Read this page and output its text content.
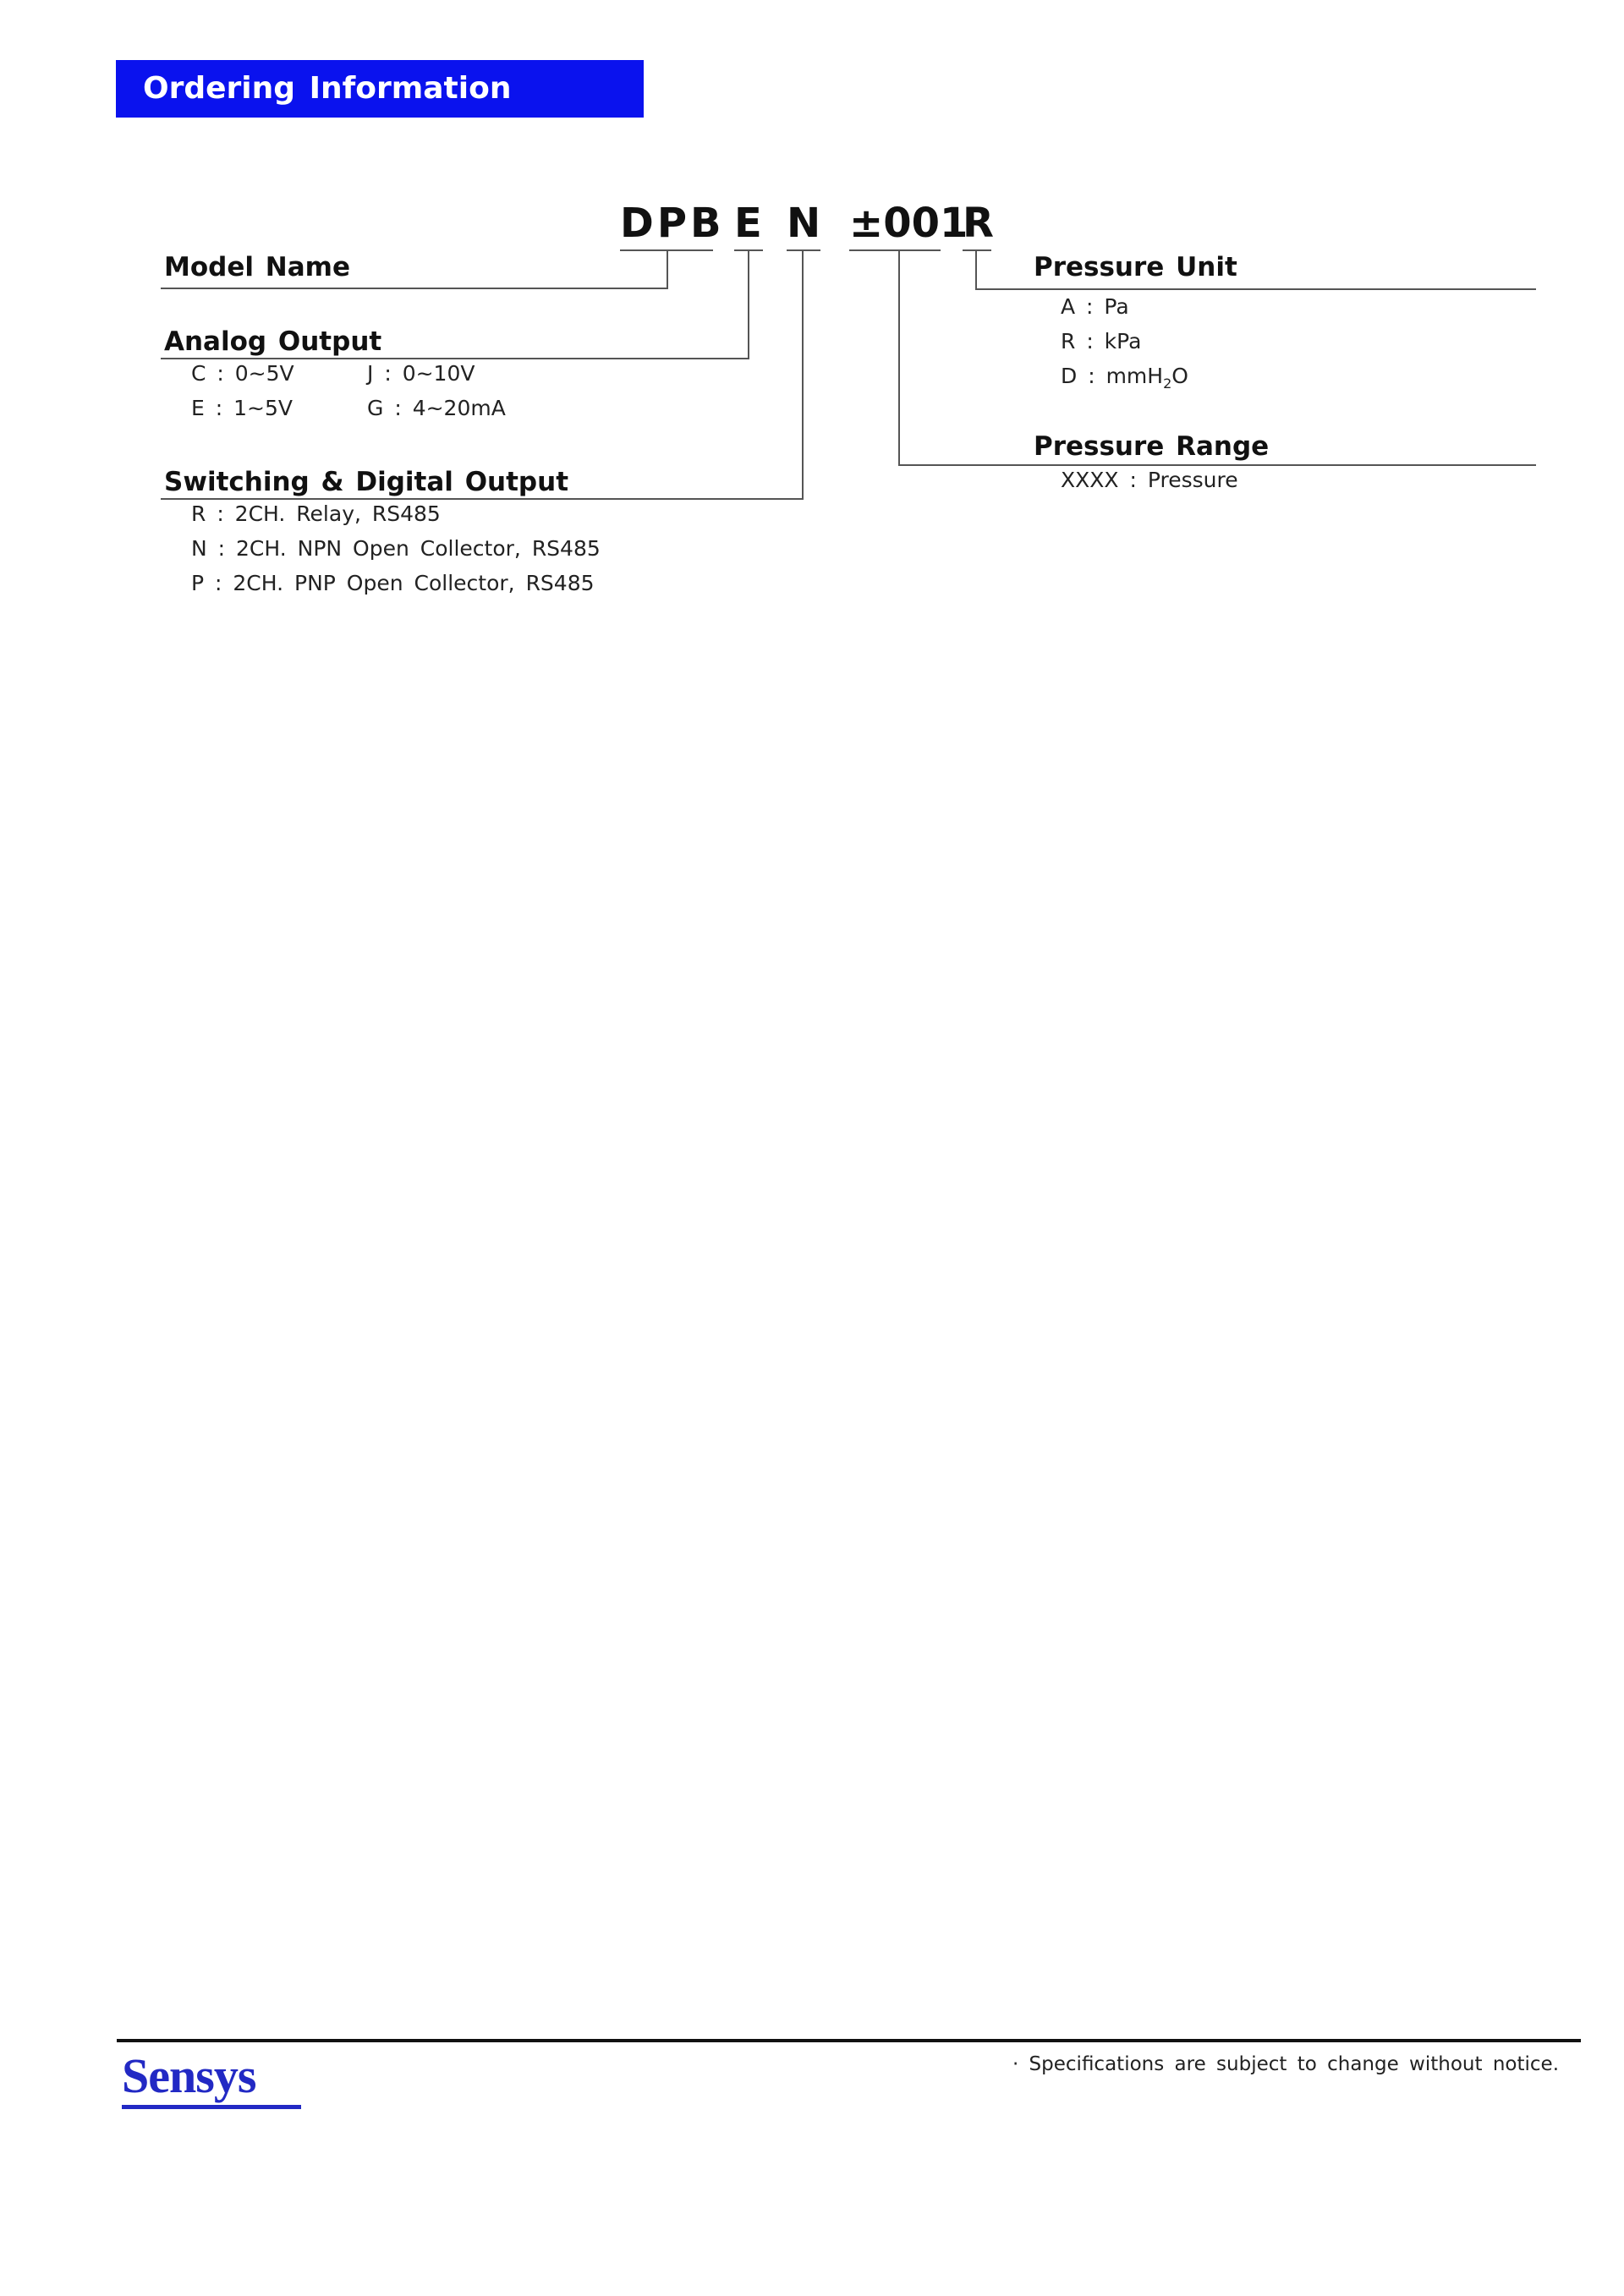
Ordering Information
DPB E N ±001
R
Model Name
Analog Output
C : 0~5V	J : 0~10V
E : 1~5V	G : 4~20mA
Switching & Digital Output
R : 2CH. Relay, RS485
N : 2CH. NPN Open Collector, RS485
P : 2CH. PNP Open Collector, RS485
Pressure Unit
A : Pa
R : kPa
D : mmH$_2$O
Pressure Range
XXXX : Pressure
Sensys	· Specifications are subject to change without notice.
